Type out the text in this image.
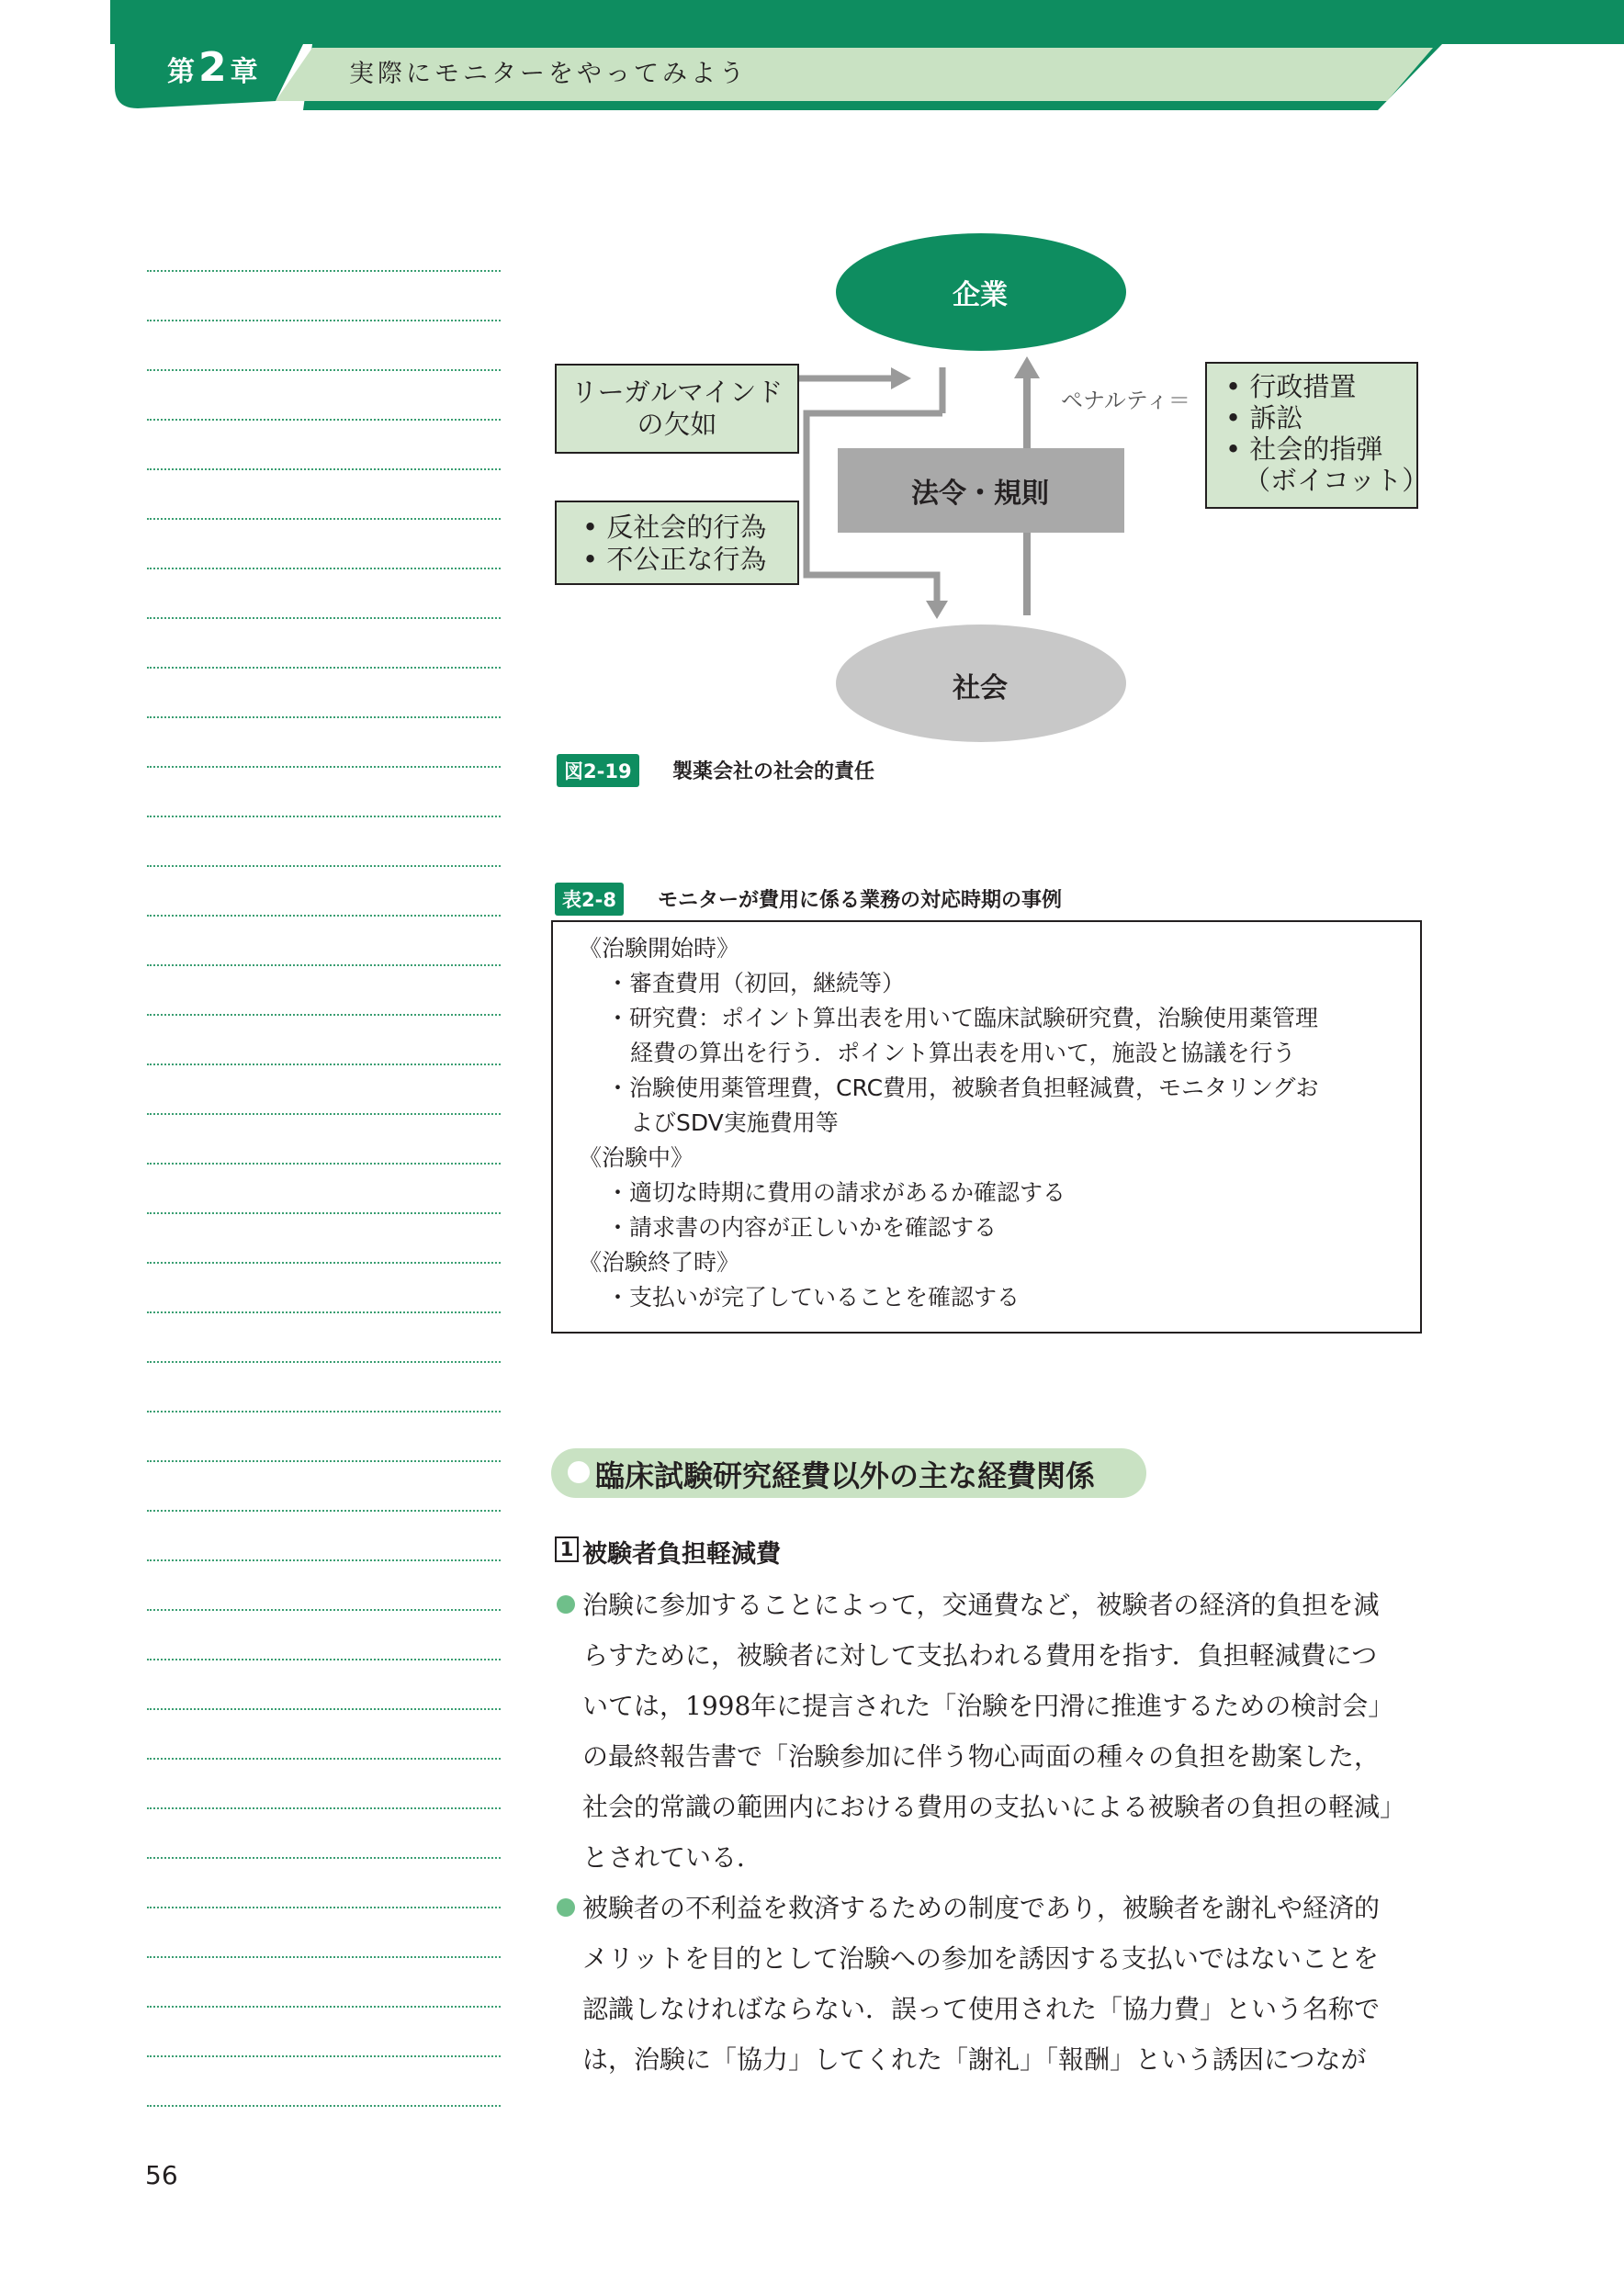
第2 章	実際にモニターをやってみよう
企業
社会
法令・規則
リーガルマインド
の欠如
• 反社会的行為
• 不公正な行為
ペナルティ＝ • 行政措置
• 訴訟
• 社会的指弾
（ボイコット）
図2-19	製薬会社の社会的責任
表2-8	モニターが費用に係る業務の対応時期の事例
《治験開始時》
・審査費用（初回，継続等）
・研究費：ポイント算出表を用いて臨床試験研究費，治験使用薬管理
経費の算出を行う．ポイント算出表を用いて，施設と協議を行う
・治験使用薬管理費，CRC費用，被験者負担軽減費，モニタリングお
よびSDV実施費用等
《治験中》
・適切な時期に費用の請求があるか確認する
・請求書の内容が正しいかを確認する
《治験終了時》
・支払いが完了していることを確認する
臨床試験研究経費以外の主な経費関係
1 被験者負担軽減費
治験に参加することによって，交通費など，被験者の経済的負担を減
らすために，被験者に対して支払われる費用を指す．負担軽減費につ
いては，1998年に提言された「治験を円滑に推進するための検討会」
の最終報告書で「治験参加に伴う物心両面の種々の負担を勘案した，
社会的常識の範囲内における費用の支払いによる被験者の負担の軽減」
とされている．
被験者の不利益を救済するための制度であり，被験者を謝礼や経済的
メリットを目的として治験への参加を誘因する支払いではないことを
認識しなければならない．誤って使用された「協力費」という名称で
は，治験に「協力」してくれた「謝礼」「報酬」という誘因につなが
56
